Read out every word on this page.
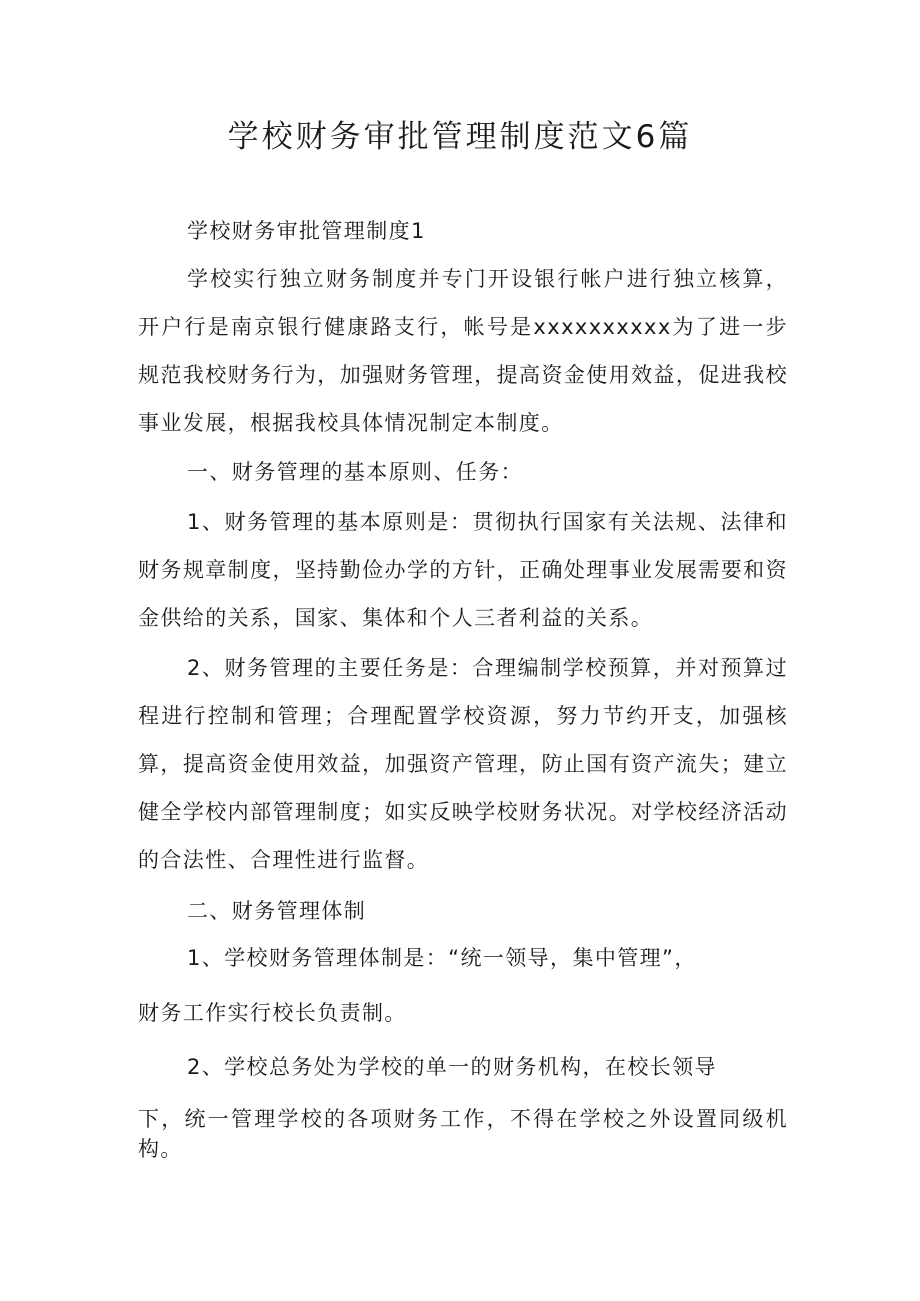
学校财务审批管理制度范文6篇

学校财务审批管理制度1

学校实行独立财务制度并专门开设银行帐户进行独立核算，开户行是南京银行健康路支行，帐号是xxxxxxxxxx为了进一步规范我校财务行为，加强财务管理，提高资金使用效益，促进我校事业发展，根据我校具体情况制定本制度。

一、财务管理的基本原则、任务：

1、财务管理的基本原则是：贯彻执行国家有关法规、法律和财务规章制度，坚持勤俭办学的方针，正确处理事业发展需要和资金供给的关系，国家、集体和个人三者利益的关系。

2、财务管理的主要任务是：合理编制学校预算，并对预算过程进行控制和管理；合理配置学校资源，努力节约开支，加强核算，提高资金使用效益，加强资产管理，防止国有资产流失；建立健全学校内部管理制度；如实反映学校财务状况。对学校经济活动的合法性、合理性进行监督。

二、财务管理体制

1、学校财务管理体制是：“统一领导，集中管理”，

财务工作实行校长负责制。

2、学校总务处为学校的单一的财务机构，在校长领导

下，统一管理学校的各项财务工作，不得在学校之外设置同级机构。
